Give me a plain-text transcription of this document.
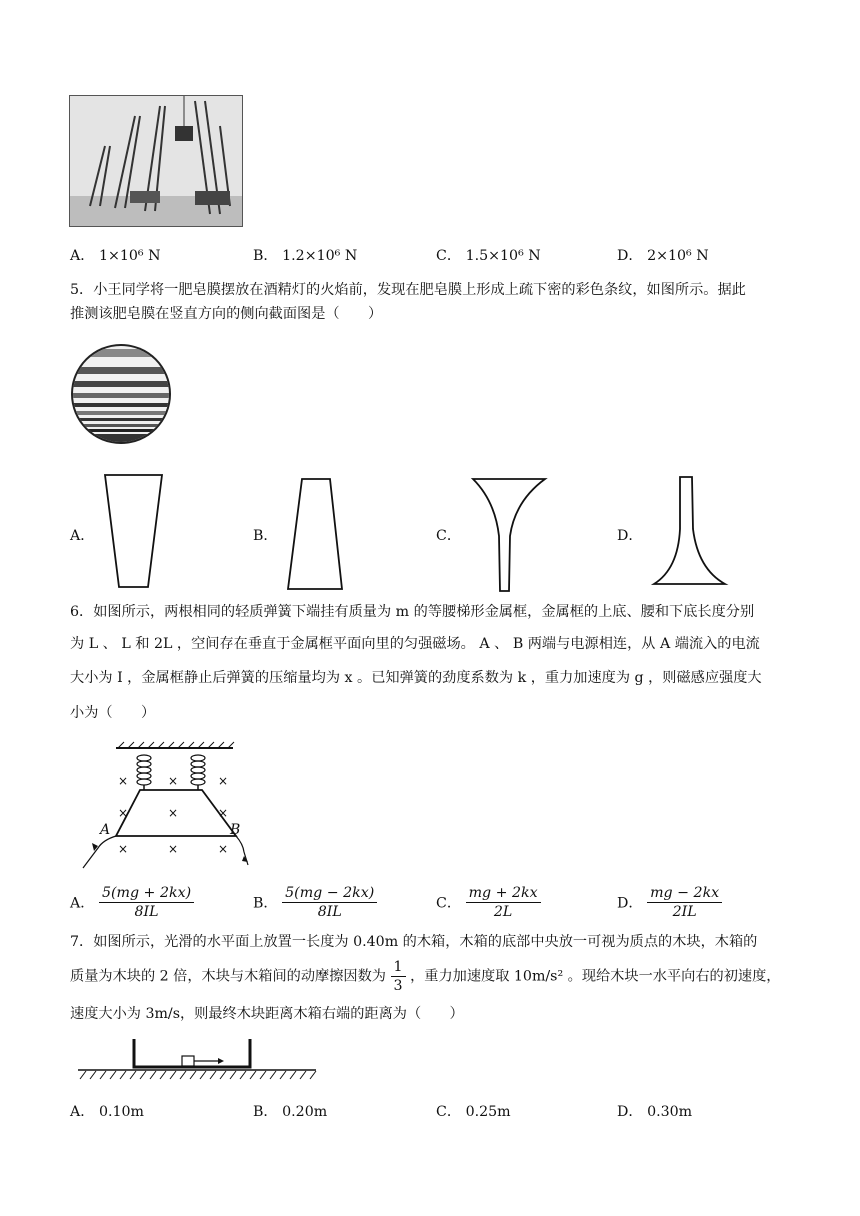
A． 1×10⁶ N	B． 1.2×10⁶ N	C． 1.5×10⁶ N	D． 2×10⁶ N
5．小王同学将一肥皂膜摆放在酒精灯的火焰前，发现在肥皂膜上形成上疏下密的彩色条纹，如图所示。据此
推测该肥皂膜在竖直方向的侧向截面图是（　　）
A．	B．	C．	D．
6．如图所示，两根相同的轻质弹簧下端挂有质量为 m 的等腰梯形金属框，金属框的上底、腰和下底长度分别
为 L 、 L 和 2L ，空间存在垂直于金属框平面向里的匀强磁场。 A 、 B 两端与电源相连，从 A 端流入的电流
大小为 I ，金属框静止后弹簧的压缩量均为 x 。已知弹簧的劲度系数为 k ，重力加速度为 g ，则磁感应强度大
小为（　　）
×	×	×
×	×	×
×	×	×
A	B
A． $\frac{5(mg + 2kx)}{8IL}$	B． $\frac{5(mg - 2kx)}{8IL}$	C． $\frac{mg + 2kx}{2L}$	D． $\frac{mg - 2kx}{2IL}$
7．如图所示，光滑的水平面上放置一长度为 0.40m 的木箱，木箱的底部中央放一可视为质点的木块，木箱的
质量为木块的 2 倍，木块与木箱间的动摩擦因数为 $\frac{1}{3}$ ，重力加速度取 10m/s² 。现给木块一水平向右的初速度，
速度大小为 3m/s，则最终木块距离木箱右端的距离为（　　）
A． 0.10m	B． 0.20m	C． 0.25m	D． 0.30m
